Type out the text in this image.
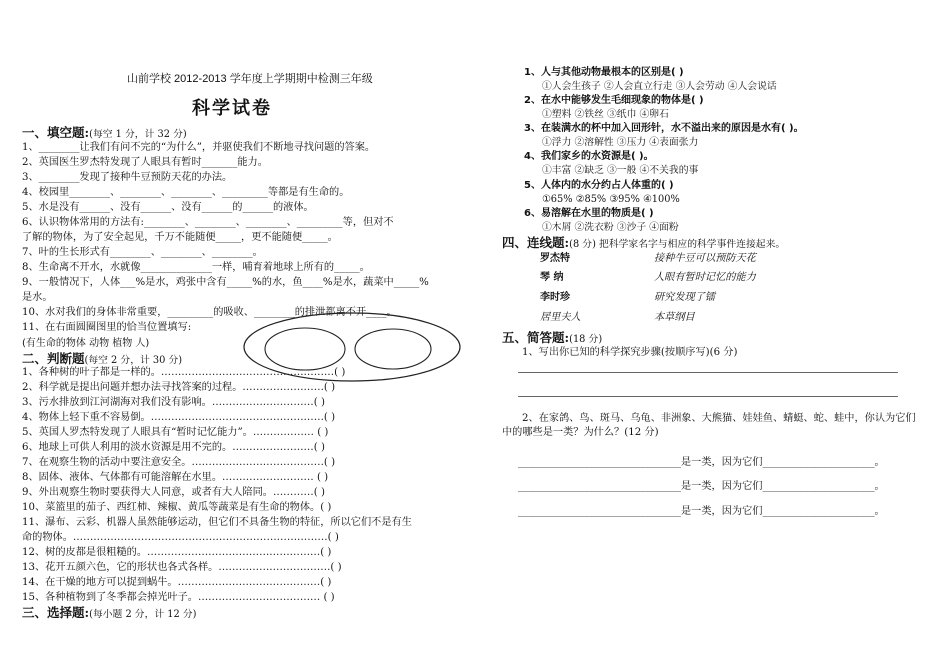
山前学校 2012-2013 学年度上学期期中检测三年级
科学试卷
一、填空题:(每空 1 分，计 32 分)
1、________让我们有问不完的“为什么”，并驱使我们不断地寻找问题的答案。
2、英国医生罗杰特发现了人眼具有暂时_______能力。
3、________发现了接种牛豆预防天花的办法。
4、校园里________、________、________、_________等都是有生命的。
5、水是没有______、没有______、没有______的______的液体。
6、认识物体常用的方法有:________、________、________、_________等，但对不
了解的物体，为了安全起见，千万不能随便_____，更不能随便_____。
7、叶的生长形式有________、________、________。
8、生命离不开水，水就像______________一样，哺育着地球上所有的_____。
9、一般情况下，人体___%是水，鸡张中含有_____%的水，鱼____%是水，蔬菜中_____%
是水。
10、水对我们的身体非常重要，_________的吸收、________的排泄都离不开____。
11、在右面圆圈图里的恰当位置填写:
(有生命的物体 动物 植物 人)
二、判断题(每空 2 分，计 30 分)
1、各种树的叶子都是一样的。……………………………………………( )
2、科学就是提出问题并想办法寻找答案的过程。……………………( )
3、污水排放到江河湖海对我们没有影响。…………………………( )
4、物体上轻下重不容易倒。……………………………………………( )
5、英国人罗杰特发现了人眼具有“暂时记忆能力”。……………… ( )
6、地球上可供人利用的淡水资源是用不完的。……………………( )
7、在观察生物的活动中要注意安全。…………………………………( )
8、固体、液体、气体都有可能溶解在水里。……………………… ( )
9、外出观察生物时要获得大人同意，或者有大人陪同。…………( )
10、菜篮里的茄子、西红柿、辣椒、黄瓜等蔬菜是有生命的物体。( )
11、瀑布、云彩、机器人虽然能够运动，但它们不具备生物的特征，所以它们不是有生
命的物体。…………………………………………………………………( )
12、树的皮都是很粗糙的。……………………………………………( )
13、花开五颜六色，它的形状也各式各样。……………………………( )
14、在干燥的地方可以捉到蜗牛。……………………………………( )
15、各种植物到了冬季都会掉光叶子。……………………………… ( )
三、选择题:(每小题 2 分，计 12 分)
1、人与其他动物最根本的区别是( )
①人会生孩子 ②人会直立行走 ③人会劳动 ④人会说话
2、在水中能够发生毛细现象的物体是( )
①塑料 ②铁丝 ③纸巾 ④卵石
3、在装满水的杯中加入回形针，水不溢出来的原因是水有( )。
①浮力 ②溶解性 ③压力 ④表面张力
4、我们家乡的水资源是( )。
①丰富 ②缺乏 ③一般 ④不关我的事
5、人体内的水分约占人体重的( )
①65% ②85% ③95% ④100%
6、易溶解在水里的物质是( )
①木屑 ②洗衣粉 ③沙子 ④面粉
四、连线题:(8 分) 把科学家名字与相应的科学事件连接起来。
罗杰特	接种牛豆可以预防天花
琴 纳	人眼有暂时记忆的能力
李时珍	研究发现了镭
居里夫人	本草纲目
五、简答题:(18 分)
1、写出你已知的科学探究步骤(按顺序写)(6 分)
2、在家鸽、鸟、斑马、乌龟、非洲象、大熊猫、娃娃鱼、蜻蜓、蛇、蛙中，你认为它们
中的哪些是一类？为什么？(12 分)
________________________________是一类，因为它们______________________。
________________________________是一类，因为它们______________________。
________________________________是一类，因为它们______________________。
